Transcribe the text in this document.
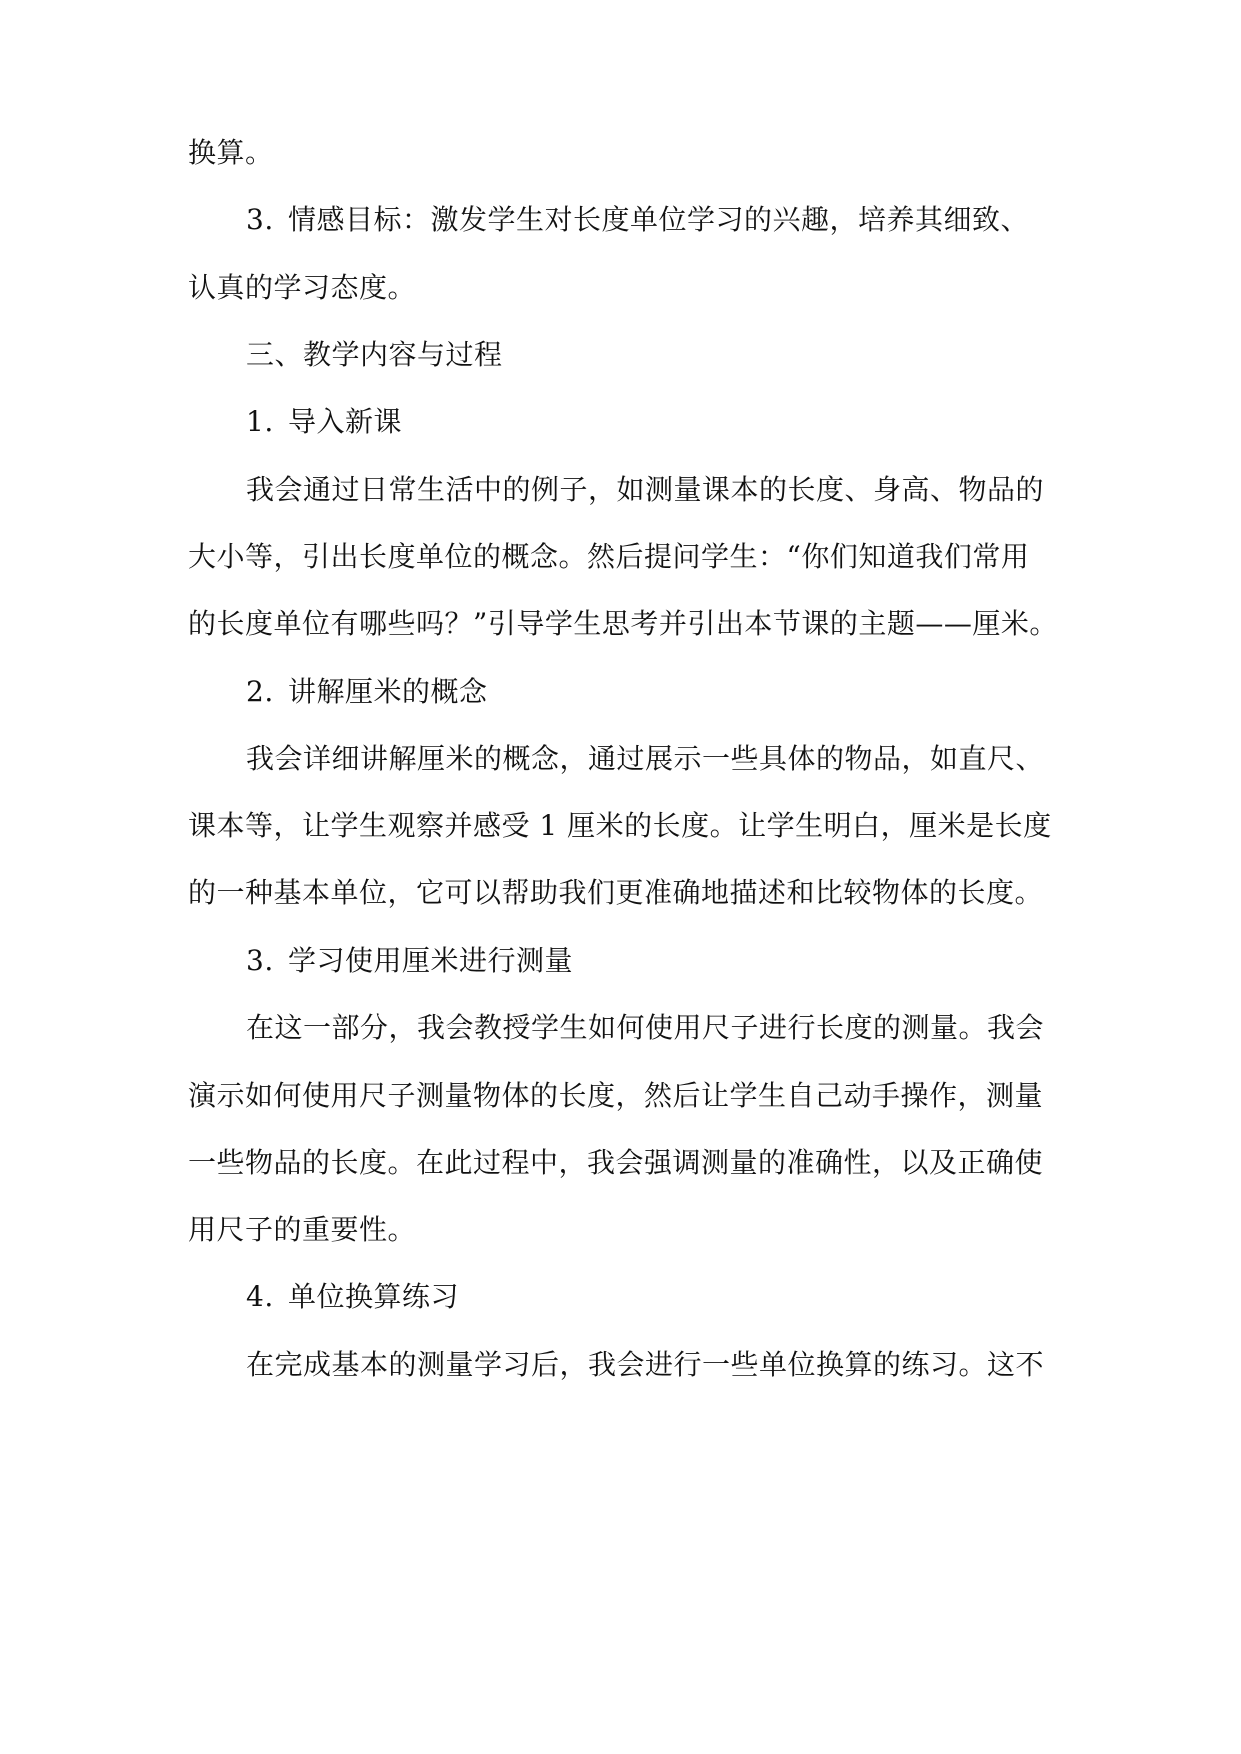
换算。
3. 情感目标：激发学生对长度单位学习的兴趣，培养其细致、
认真的学习态度。
三、教学内容与过程
1. 导入新课
我会通过日常生活中的例子，如测量课本的长度、身高、物品的
大小等，引出长度单位的概念。然后提问学生：“你们知道我们常用
的长度单位有哪些吗？”引导学生思考并引出本节课的主题——厘米。
2. 讲解厘米的概念
我会详细讲解厘米的概念，通过展示一些具体的物品，如直尺、
课本等，让学生观察并感受 1 厘米的长度。让学生明白，厘米是长度
的一种基本单位，它可以帮助我们更准确地描述和比较物体的长度。
3. 学习使用厘米进行测量
在这一部分，我会教授学生如何使用尺子进行长度的测量。我会
演示如何使用尺子测量物体的长度，然后让学生自己动手操作，测量
一些物品的长度。在此过程中，我会强调测量的准确性，以及正确使
用尺子的重要性。
4. 单位换算练习
在完成基本的测量学习后，我会进行一些单位换算的练习。这不
